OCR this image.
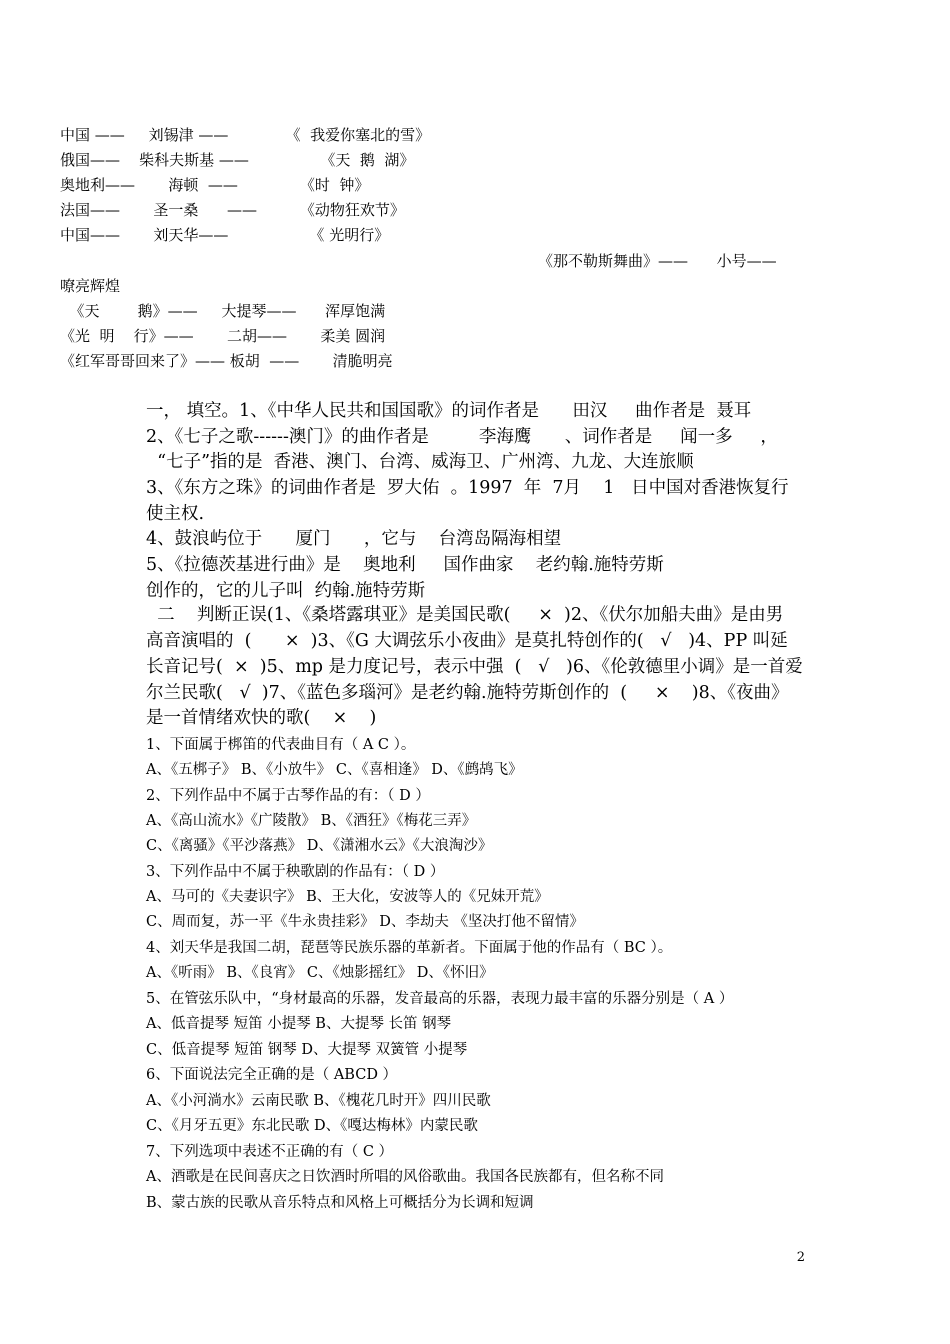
中国 ——     刘锡津 ——            《  我爱你塞北的雪》
俄国——    柴科夫斯基 ——               《天  鹅  湖》
奥地利——       海顿  ——             《时  钟》
法国——       圣一桑      ——         《动物狂欢节》
中国——       刘天华——                 《 光明行》
《那不勒斯舞曲》——      小号——
嘹亮辉煌
《天        鹅》——     大提琴——      浑厚饱满
《光  明    行》——       二胡——       柔美 圆润
《红军哥哥回来了》—— 板胡  ——       清脆明亮
一， 填空。1、《中华人民共和国国歌》的词作者是      田汉     曲作者是  聂耳
2、《七子之歌------澳门》的曲作者是         李海鹰      、词作者是     闻一多     ，
“七子”指的是  香港、澳门、台湾、威海卫、广州湾、九龙、大连旅顺
3、《东方之珠》的词曲作者是  罗大佑  。1997  年  7月    1   日中国对香港恢复行
使主权.
4、鼓浪屿位于      厦门      ，它与    台湾岛隔海相望
5、《拉德茨基进行曲》是    奥地利     国作曲家    老约翰.施特劳斯
创作的，它的儿子叫  约翰.施特劳斯
二    判断正误(1、《桑塔露琪亚》是美国民歌(     ×  )2、《伏尔加船夫曲》是由男
高音演唱的  (      ×  )3、《G 大调弦乐小夜曲》是莫扎特创作的(   √   )4、PP 叫延
长音记号(  ×  )5、mp 是力度记号，表示中强  (   √   )6、《伦敦德里小调》是一首爱
尔兰民歌(   √  )7、《蓝色多瑙河》是老约翰.施特劳斯创作的  (     ×    )8、《夜曲》
是一首情绪欢快的歌(    ×    )
1、下面属于梆笛的代表曲目有（ A C ）。
A、《五梆子》 B、《小放牛》 C、《喜相逢》 D、《鹧鸪飞》
2、下列作品中不属于古琴作品的有：（ D ）
A、《高山流水》《广陵散》 B、《酒狂》《梅花三弄》
C、《离骚》《平沙落燕》 D、《潇湘水云》《大浪淘沙》
3、下列作品中不属于秧歌剧的作品有：（ D ）
A、马可的《夫妻识字》 B、王大化，安波等人的《兄妹开荒》
C、周而复，苏一平《牛永贵挂彩》 D、李劫夫 《坚决打他不留情》
4、刘天华是我国二胡，琵琶等民族乐器的革新者。下面属于他的作品有（ BC ）。
A、《听雨》 B、《良宵》 C、《烛影摇红》 D、《怀旧》
5、在管弦乐队中，“身材最高的乐器，发音最高的乐器，表现力最丰富的乐器分别是（ A ）
A、低音提琴 短笛 小提琴 B、大提琴 长笛 钢琴
C、低音提琴 短笛 钢琴 D、大提琴 双簧管 小提琴
6、下面说法完全正确的是（ ABCD ）
A、《小河淌水》云南民歌 B、《槐花几时开》四川民歌
C、《月牙五更》东北民歌 D、《嘎达梅林》内蒙民歌
7、下列选项中表述不正确的有（ C ）
A、酒歌是在民间喜庆之日饮酒时所唱的风俗歌曲。我国各民族都有，但名称不同
B、蒙古族的民歌从音乐特点和风格上可概括分为长调和短调
2
